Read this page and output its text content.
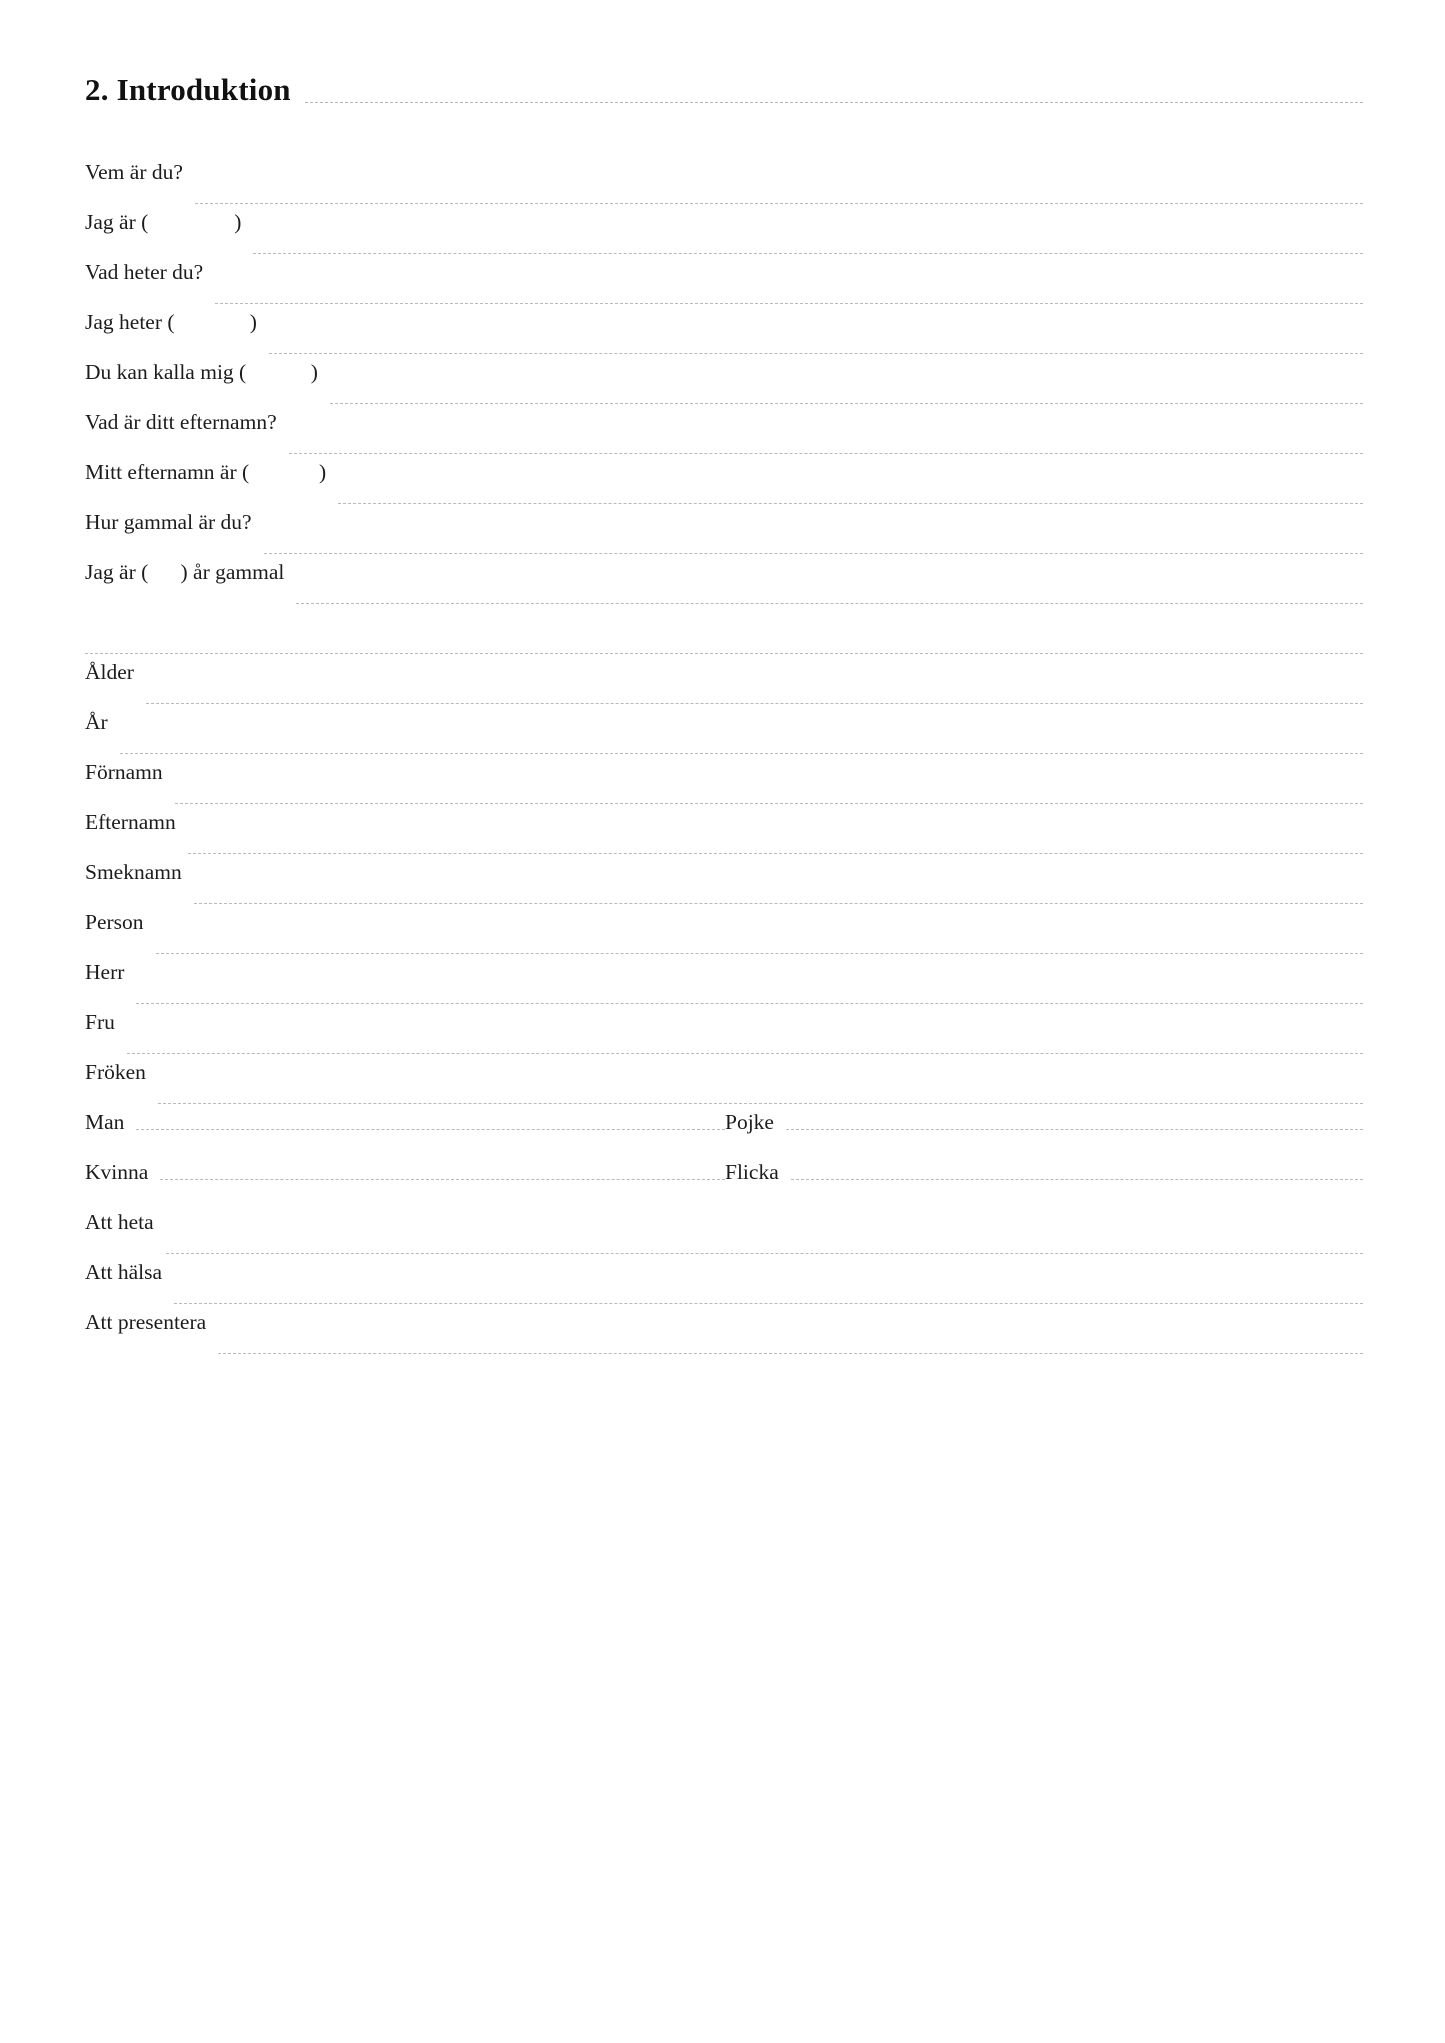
2. Introduktion
Vem är du?
Jag är (                )
Vad heter du?
Jag heter (              )
Du kan kalla mig (            )
Vad är ditt efternamn?
Mitt efternamn är (             )
Hur gammal är du?
Jag är (      ) år gammal
Ålder
År
Förnamn
Efternamn
Smeknamn
Person
Herr
Fru
Fröken
Man	Pojke
Kvinna	Flicka
Att heta
Att hälsa
Att presentera
